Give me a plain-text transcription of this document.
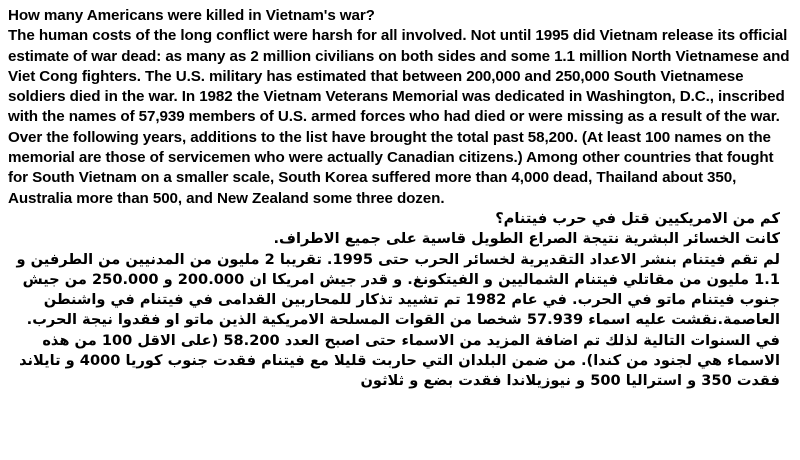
How many Americans were killed in Vietnam's war?

The human costs of the long conflict were harsh for all involved. Not until 1995 did Vietnam release its official estimate of war dead: as many as 2 million civilians on both sides and some 1.1 million North Vietnamese and Viet Cong fighters. The U.S. military has estimated that between 200,000 and 250,000 South Vietnamese soldiers died in the war. In 1982 the Vietnam Veterans Memorial was dedicated in Washington, D.C., inscribed with the names of 57,939 members of U.S. armed forces who had died or were missing as a result of the war. Over the following years, additions to the list have brought the total past 58,200. (At least 100 names on the memorial are those of servicemen who were actually Canadian citizens.) Among other countries that fought for South Vietnam on a smaller scale, South Korea suffered more than 4,000 dead, Thailand about 350, Australia more than 500, and New Zealand some three dozen.

كم من الامريكيين قتل في حرب فيتنام؟

كانت الخسائر البشرية نتيجة الصراع الطويل قاسية على جميع الاطراف.

لم تقم فيتنام بنشر الاعداد التقديرية لخسائر الحرب حتى 1995. تقريبا 2 مليون من المدنيين من الطرفين و 1.1 مليون من مقاتلي فيتنام الشماليين و الفيتكونغ. و قدر جيش امريكا ان 200.000 و 250.000 من جيش جنوب فيتنام ماتو في الحرب. في عام 1982 تم تشييد تذكار للمحاربين القدامى في فيتنام في واشنطن العاصمة.نقشت عليه اسماء 57.939 شخصا من القوات المسلحة الامريكية الذين ماتو او فقدوا نيجة الحرب. في السنوات التالية لذلك تم اضافة المزيد من الاسماء حتى اصبح العدد 58.200 (على الاقل 100 من هذه الاسماء هي لجنود من كندا). من ضمن البلدان التي حاربت قليلا مع فيتنام فقدت جنوب كوريا 4000 و تايلاند فقدت 350 و استراليا 500 و نيوزيلاندا فقدت بضع و ثلاثون
